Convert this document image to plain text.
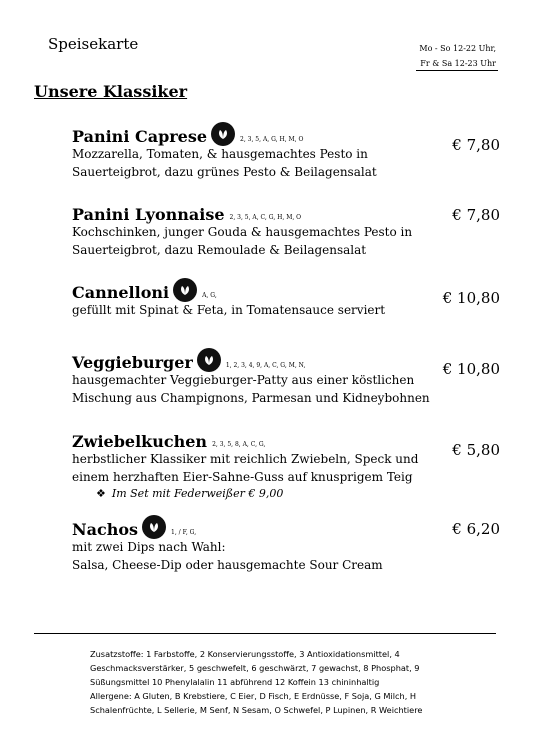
Speisekarte	Mo - So 12-22 Uhr,
Fr & Sa 12-23 Uhr
Unsere Klassiker
Panini Caprese	2, 3, 5, A, G, H, M, O
Mozzarella, Tomaten, & hausgemachtes Pesto in
Sauerteigbrot, dazu grünes Pesto & Beilagensalat
€ 7,80
Panini Lyonnaise 2, 3, 5, A, C, G, H, M, O
Kochschinken, junger Gouda & hausgemachtes Pesto in
Sauerteigbrot, dazu Remoulade & Beilagensalat
€ 7,80
Cannelloni	A, G,
gefüllt mit Spinat & Feta, in Tomatensauce serviert
€ 10,80
Veggieburger	1, 2, 3, 4, 9, A, C, G, M, N,
hausgemachter Veggieburger-Patty aus einer köstlichen
Mischung aus Champignons, Parmesan und Kidneybohnen
€ 10,80
Zwiebelkuchen 2, 3, 5, 8, A, C, G,
herbstlicher Klassiker mit reichlich Zwiebeln, Speck und
einem herzhaften Eier-Sahne-Guss auf knusprigem Teig
❖ Im Set mit Federweißer € 9,00
€ 5,80
Nachos	1, / F, G,
mit zwei Dips nach Wahl:
Salsa, Cheese-Dip oder hausgemachte Sour Cream
€ 6,20
Zusatzstoffe: 1 Farbstoffe, 2 Konservierungsstoffe, 3 Antioxidationsmittel, 4
Geschmacksverstärker, 5 geschwefelt, 6 geschwärzt, 7 gewachst, 8 Phosphat, 9
Süßungsmittel 10 Phenylalalin 11 abführend 12 Koffein 13 chininhaltig
Allergene: A Gluten, B Krebstiere, C Eier, D Fisch, E Erdnüsse, F Soja, G Milch, H
Schalenfrüchte, L Sellerie, M Senf, N Sesam, O Schwefel, P Lupinen, R Weichtiere
